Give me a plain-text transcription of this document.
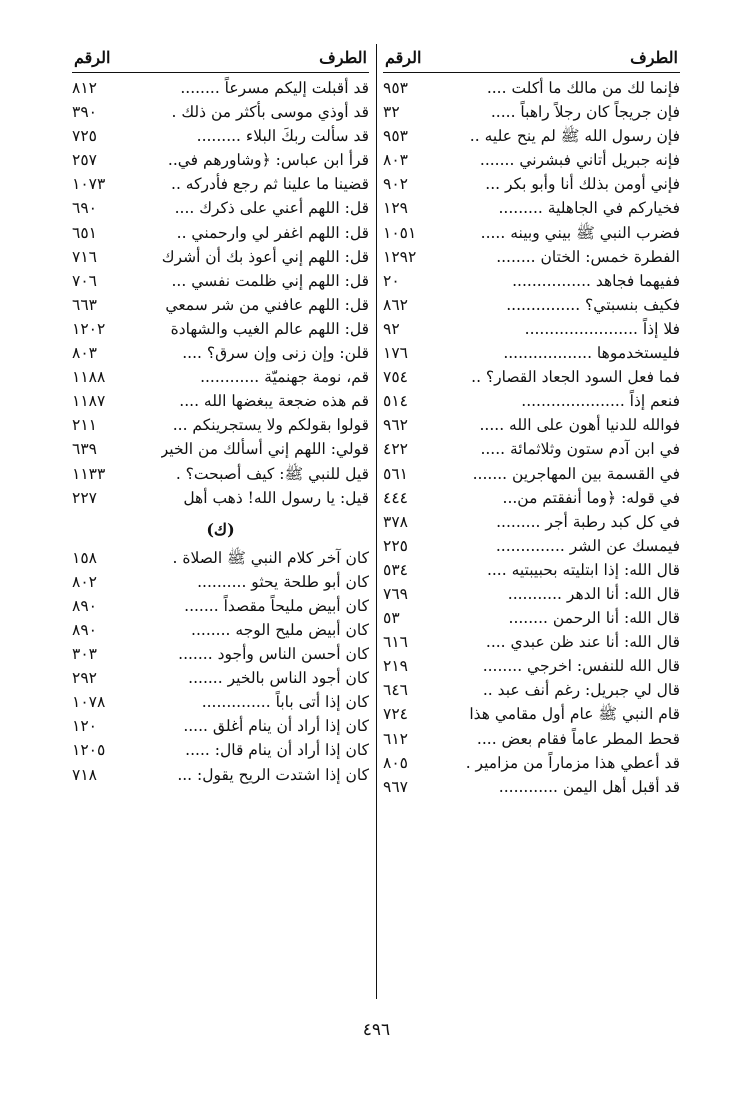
الطرف
الرقم
فإنما لك من مالك ما أكلت ....
٩٥٣
فإن جريجاً كان رجلاً راهباً .....
٣٢
فإن رسول الله ﷺ لم ينح عليه ..
٩٥٣
فإنه جبريل أتاني فبشرني .......
٨٠٣
فإني أومن بذلك أنا وأبو بكر ...
٩٠٢
فخياركم في الجاهلية .........
١٢٩
فضرب النبي ﷺ بيني وبينه .....
١٠٥١
الفطرة خمس: الختان ........
١٢٩٢
ففيهما فجاهد ................
٢٠
فكيف بنسبتي؟ ...............
٨٦٢
فلا إذاً .......................
٩٢
فليستخدموها ..................
١٧٦
فما فعل السود الجعاد القصار؟ ..
٧٥٤
فنعم إذاً .....................
٥١٤
فوالله للدنيا أهون على الله .....
٩٦٢
في ابن آدم ستون وثلاثمائة .....
٤٢٢
في القسمة بين المهاجرين .......
٥٦١
في قوله: ﴿وما أنفقتم من...
٤٤٤
في كل كبد رطبة أجر .........
٣٧٨
فيمسك عن الشر ..............
٢٢٥
قال الله: إذا ابتليته بحبيبتيه ....
٥٣٤
قال الله: أنا الدهر ...........
٧٦٩
قال الله: أنا الرحمن ........
٥٣
قال الله: أنا عند ظن عبدي ....
٦١٦
قال الله للنفس: اخرجي ........
٢١٩
قال لي جبريل: رغم أنف عبد ..
٦٤٦
قام النبي ﷺ عام أول مقامي هذا
٧٢٤
قحط المطر عاماً فقام بعض ....
٦١٢
قد أعطي هذا مزماراً من مزامير .
٨٠٥
قد أقبل أهل اليمن ............
٩٦٧
الطرف
الرقم
قد أقبلت إليكم مسرعاً ........
٨١٢
قد أوذي موسى بأكثر من ذلك .
٣٩٠
قد سألت ربكَ البلاء .........
٧٢٥
قرأ ابن عباس: ﴿وشاورهم في..
٢٥٧
قضينا ما علينا ثم رجع فأدركه ..
١٠٧٣
قل: اللهم أعني على ذكرك ....
٦٩٠
قل: اللهم اغفر لي وارحمني ..
٦٥١
قل: اللهم إني أعوذ بك أن أشرك
٧١٦
قل: اللهم إني ظلمت نفسي ...
٧٠٦
قل: اللهم عافني من شر سمعي
٦٦٣
قل: اللهم عالم الغيب والشهادة
١٢٠٢
قلن: وإن زنى وإن سرق؟ ....
٨٠٣
قم، نومة جهنميّة ............
١١٨٨
قم هذه ضجعة يبغضها الله ....
١١٨٧
قولوا بقولكم ولا يستجرينكم ...
٢١١
قولي: اللهم إني أسألك من الخير
٦٣٩
قيل للنبي ﷺ: كيف أصبحت؟ .
١١٣٣
قيل: يا رسول الله! ذهب أهل
٢٢٧
(ك)
كان آخر كلام النبي ﷺ الصلاة .
١٥٨
كان أبو طلحة يحثو ..........
٨٠٢
كان أبيض مليحاً مقصداً .......
٨٩٠
كان أبيض مليح الوجه ........
٨٩٠
كان أحسن الناس وأجود .......
٣٠٣
كان أجود الناس بالخير .......
٢٩٢
كان إذا أتى باباً ..............
١٠٧٨
كان إذا أراد أن ينام أغلق .....
١٢٠
كان إذا أراد أن ينام قال: .....
١٢٠٥
كان إذا اشتدت الريح يقول: ...
٧١٨
٤٩٦
